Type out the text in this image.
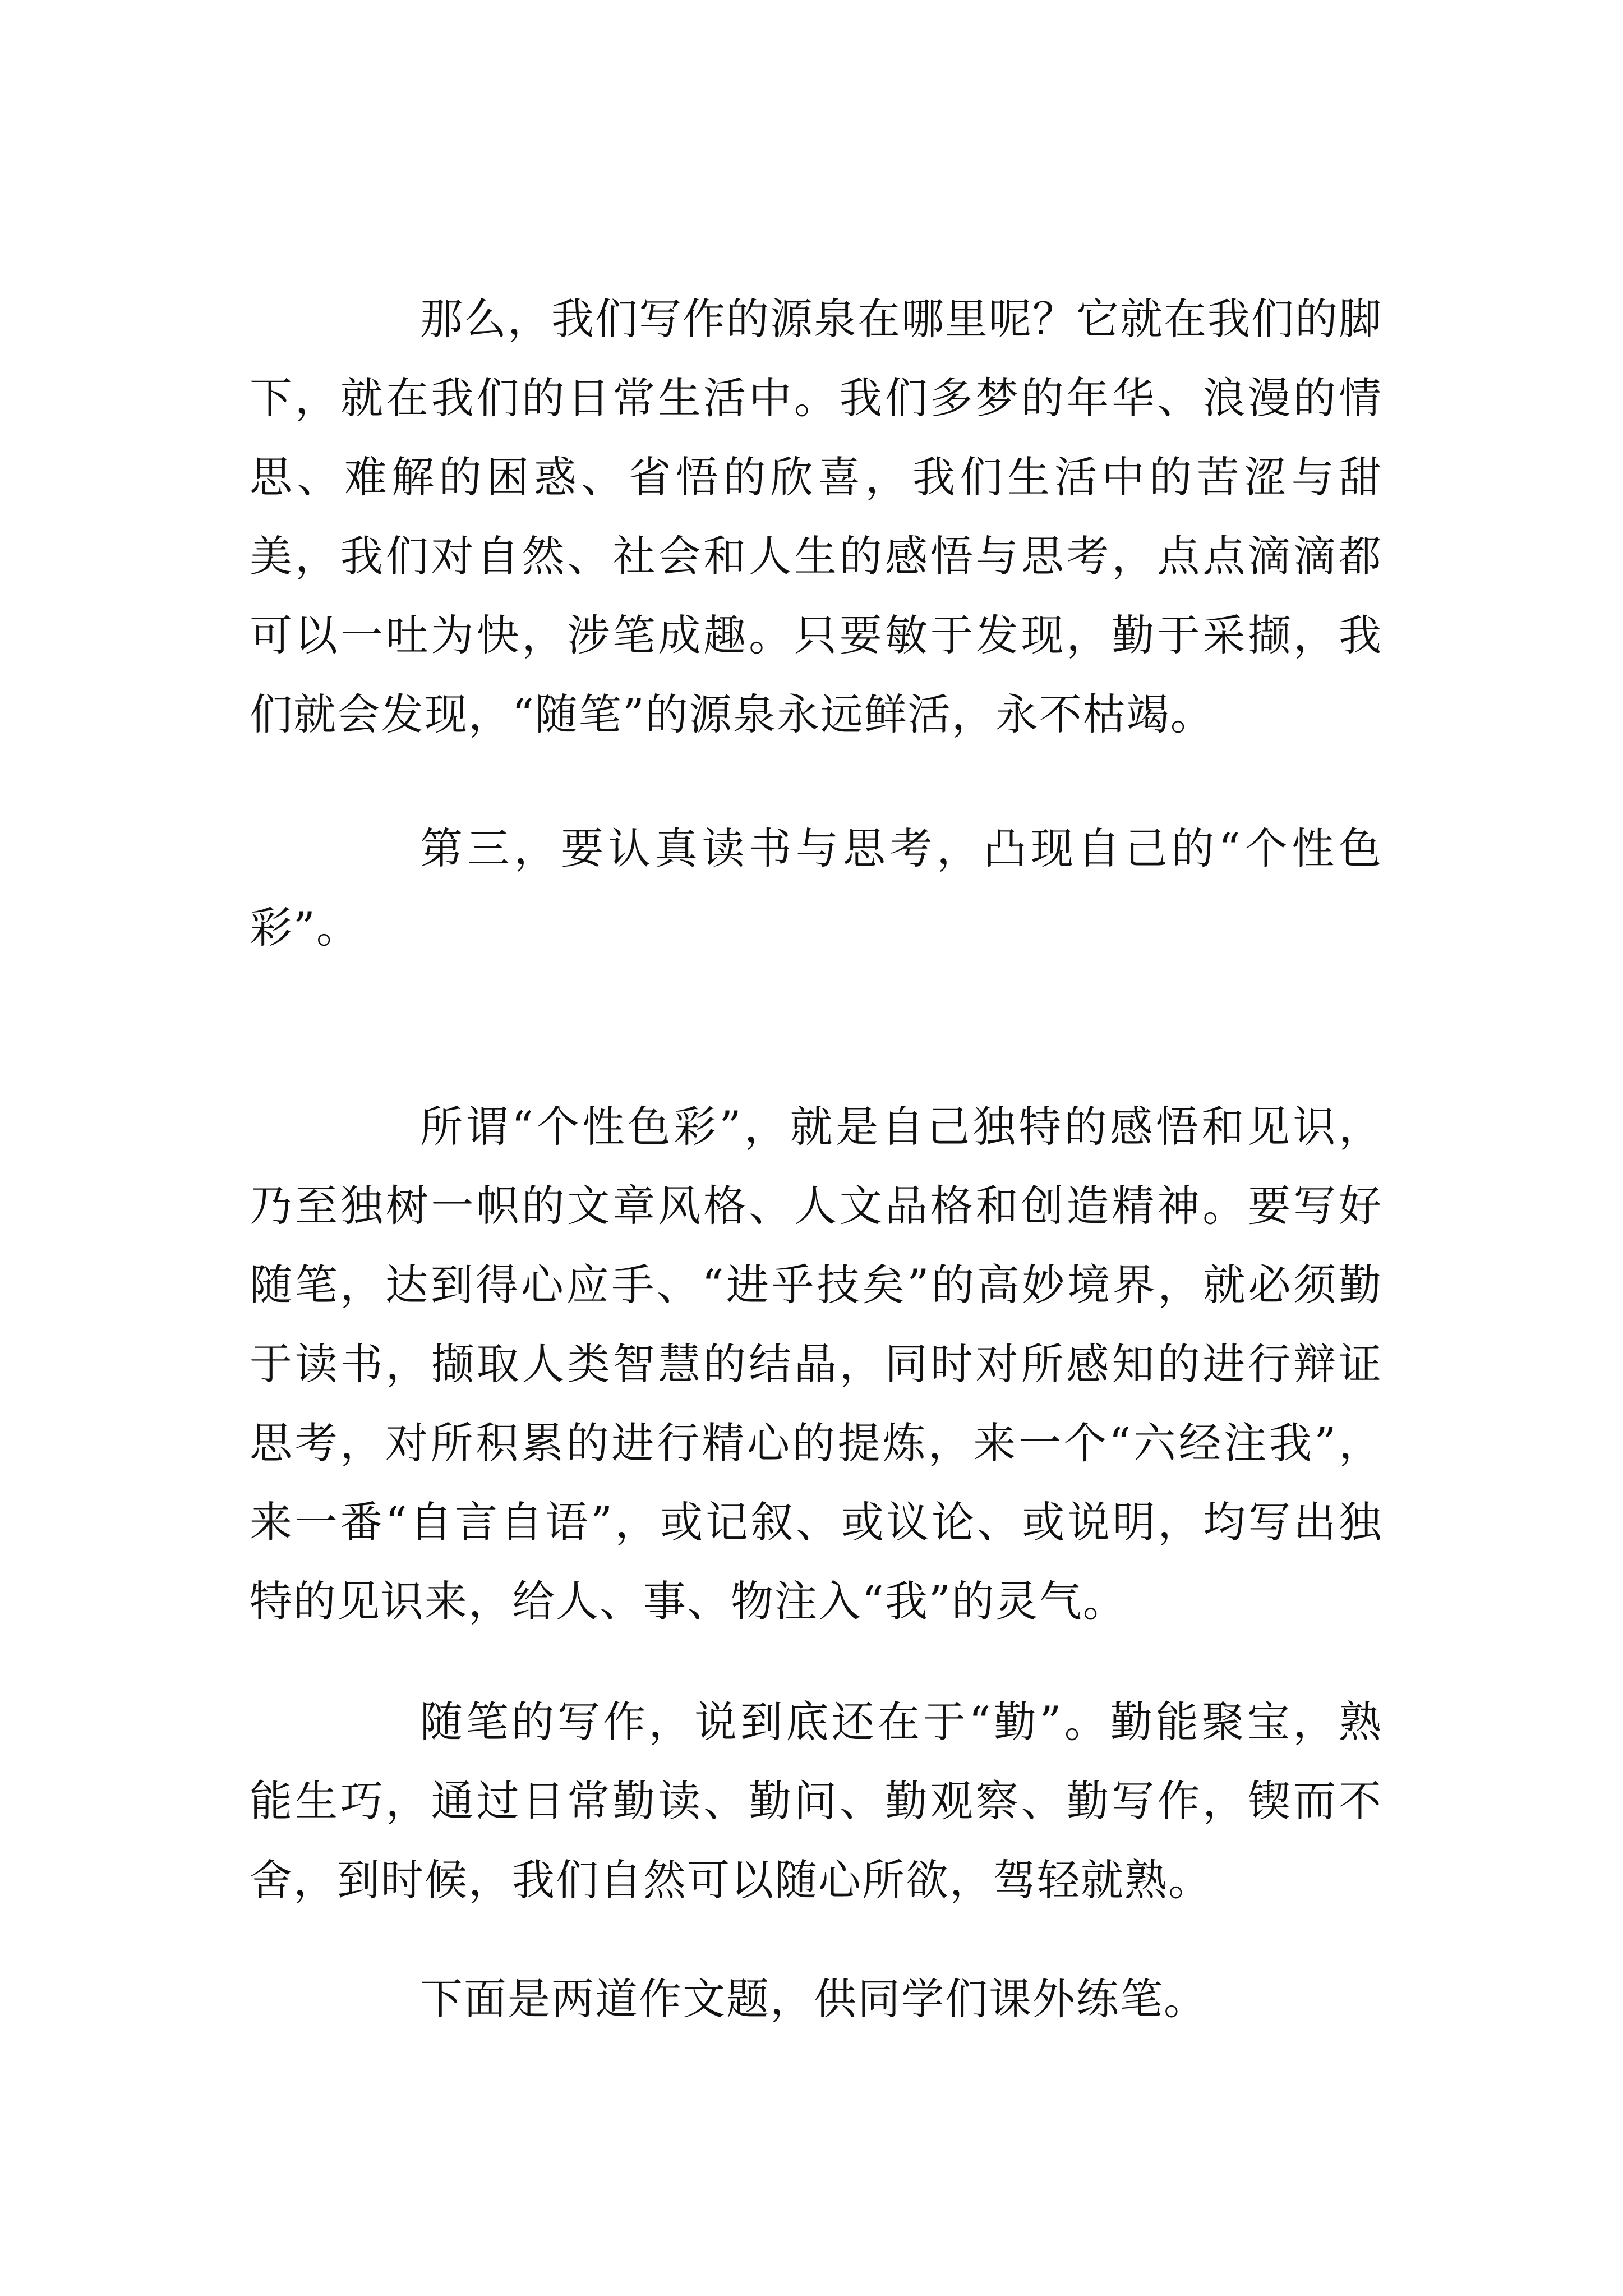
那么，我们写作的源泉在哪里呢？它就在我们的脚下，就在我们的日常生活中。我们多梦的年华、浪漫的情思、难解的困惑、省悟的欣喜，我们生活中的苦涩与甜美，我们对自然、社会和人生的感悟与思考，点点滴滴都可以一吐为快，涉笔成趣。只要敏于发现，勤于采撷，我们就会发现，“随笔”的源泉永远鲜活，永不枯竭。

第三，要认真读书与思考，凸现自己的“个性色彩”。

所谓“个性色彩”，就是自己独特的感悟和见识，乃至独树一帜的文章风格、人文品格和创造精神。要写好随笔，达到得心应手、“进乎技矣”的高妙境界，就必须勤于读书，撷取人类智慧的结晶，同时对所感知的进行辩证思考，对所积累的进行精心的提炼，来一个“六经注我”，来一番“自言自语”，或记叙、或议论、或说明，均写出独特的见识来，给人、事、物注入“我”的灵气。

随笔的写作，说到底还在于“勤”。勤能聚宝，熟能生巧，通过日常勤读、勤问、勤观察、勤写作，锲而不舍，到时候，我们自然可以随心所欲，驾轻就熟。

下面是两道作文题，供同学们课外练笔。
